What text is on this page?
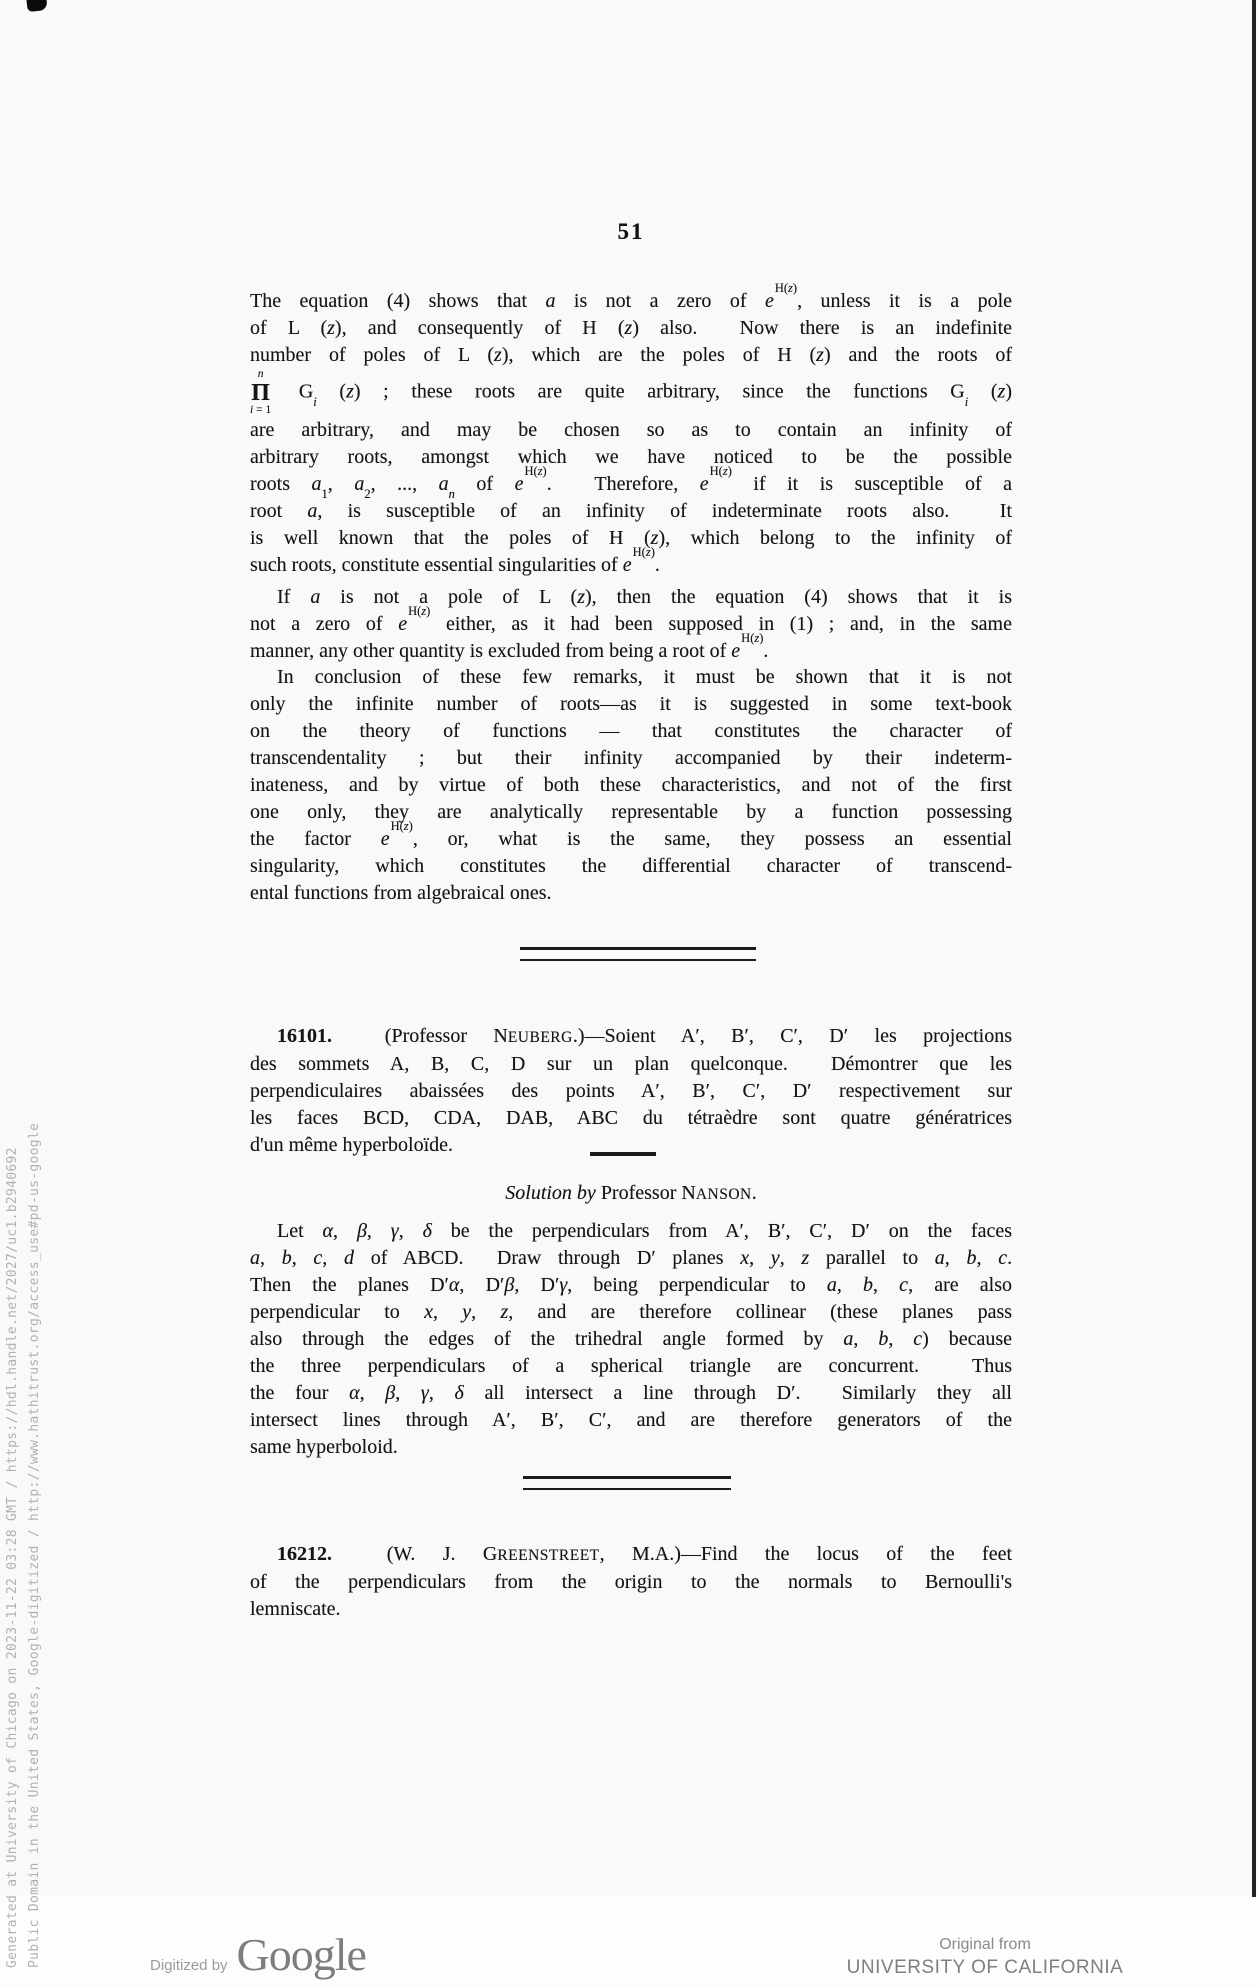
Generated at University of Chicago on 2023-11-22 03:28 GMT / https://hdl.handle.net/2027/uc1.b2940692 Public Domain in the United States, Google-digitized / http://www.hathitrust.org/access_use#pd-us-google
51
The equation (4) shows that a is not a zero of $e^{H(z)}$, unless it is a pole
of L (z), and consequently of H (z) also.  Now there is an indefinite
number of poles of L (z), which are the poles of H (z) and the roots of
n
Π
i = 1
$G_i$ (z) ; these roots are quite arbitrary, since the functions $G_i$ (z)
are arbitrary, and may be chosen so as to contain an infinity of
arbitrary roots, amongst which we have noticed to be the possible
roots $a_1$, $a_2$, ..., $a_n$ of $e^{H(z)}$.  Therefore, $e^{H(z)}$ if it is susceptible of a
root a, is susceptible of an infinity of indeterminate roots also.  It
is well known that the poles of H (z), which belong to the infinity of
such roots, constitute essential singularities of $e^{H(z)}$.
If a is not a pole of L (z), then the equation (4) shows that it is
not a zero of $e^{H(z)}$ either, as it had been supposed in (1) ; and, in the same
manner, any other quantity is excluded from being a root of $e^{H(z)}$.
In conclusion of these few remarks, it must be shown that it is not
only the infinite number of roots—as it is suggested in some text-book
on the theory of functions — that constitutes the character of
transcendentality ; but their infinity accompanied by their indeterm-
inateness, and by virtue of both these characteristics, and not of the first
one only, they are analytically representable by a function possessing
the factor $e^{H(z)}$, or, what is the same, they possess an essential
singularity, which constitutes the differential character of transcend-
ental functions from algebraical ones.
16101.  (Professor NEUBERG.)—Soient A′, B′, C′, D′ les projections
des sommets A, B, C, D sur un plan quelconque.  Démontrer que les
perpendiculaires abaissées des points A′, B′, C′, D′ respectivement sur
les faces BCD, CDA, DAB, ABC du tétraèdre sont quatre génératrices
d'un même hyperboloïde.
Solution by Professor NANSON.
Let α, β, γ, δ be the perpendiculars from A′, B′, C′, D′ on the faces
a, b, c, d of ABCD.  Draw through D′ planes x, y, z parallel to a, b, c.
Then the planes D′α, D′β, D′γ, being perpendicular to a, b, c, are also
perpendicular to x, y, z, and are therefore collinear (these planes pass
also through the edges of the trihedral angle formed by a, b, c) because
the three perpendiculars of a spherical triangle are concurrent.  Thus
the four α, β, γ, δ all intersect a line through D′.  Similarly they all
intersect lines through A′, B′, C′, and are therefore generators of the
same hyperboloid.
16212.  (W. J. GREENSTREET, M.A.)—Find the locus of the feet
of the perpendiculars from the origin to the normals to Bernoulli's
lemniscate.
Digitized by Google	Original from
UNIVERSITY OF CALIFORNIA
